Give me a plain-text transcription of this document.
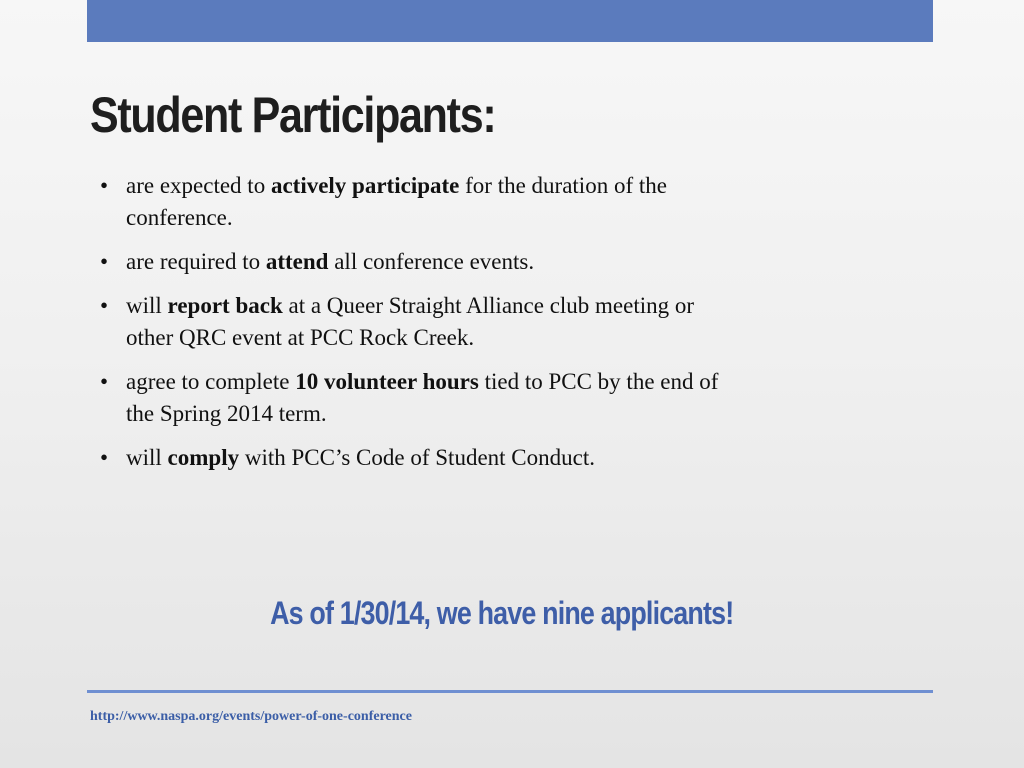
Student Participants:
• are expected to actively participate for the duration of the conference.
• are required to attend all conference events.
• will report back at a Queer Straight Alliance club meeting or other QRC event at PCC Rock Creek.
• agree to complete 10 volunteer hours tied to PCC by the end of the Spring 2014 term.
• will comply with PCC’s Code of Student Conduct.
As of 1/30/14, we have nine applicants!
http://www.naspa.org/events/power-of-one-conference
